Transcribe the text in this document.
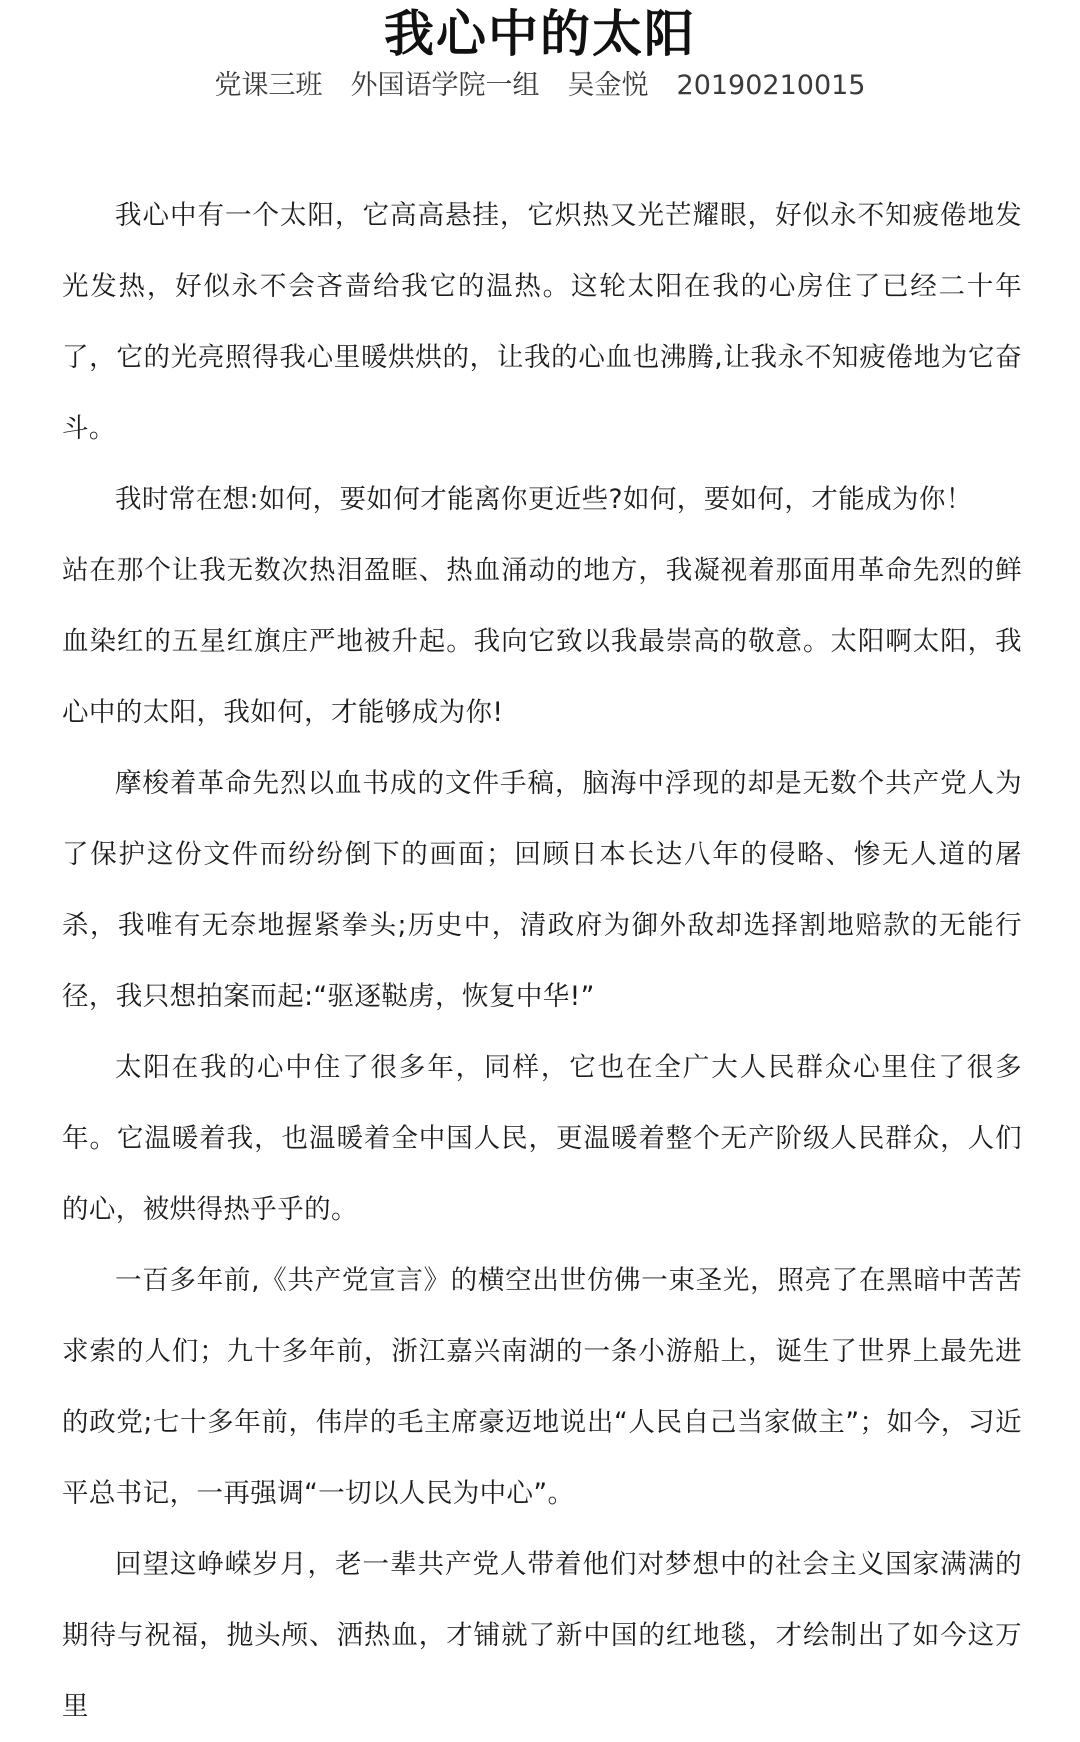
我心中的太阳
党课三班 外国语学院一组 吴金悦 20190210015

我心中有一个太阳，它高高悬挂，它炽热又光芒耀眼，好似永不知疲倦地发光发热，好似永不会吝啬给我它的温热。这轮太阳在我的心房住了已经二十年了，它的光亮照得我心里暖烘烘的，让我的心血也沸腾,让我永不知疲倦地为它奋斗。

我时常在想:如何，要如何才能离你更近些?如何，要如何，才能成为你！

站在那个让我无数次热泪盈眶、热血涌动的地方，我凝视着那面用革命先烈的鲜血染红的五星红旗庄严地被升起。我向它致以我最崇高的敬意。太阳啊太阳，我心中的太阳，我如何，才能够成为你!

摩梭着革命先烈以血书成的文件手稿，脑海中浮现的却是无数个共产党人为了保护这份文件而纷纷倒下的画面；回顾日本长达八年的侵略、惨无人道的屠杀，我唯有无奈地握紧拳头;历史中，清政府为御外敌却选择割地赔款的无能行径，我只想拍案而起:“驱逐鞑虏，恢复中华!”

太阳在我的心中住了很多年，同样，它也在全广大人民群众心里住了很多年。它温暖着我，也温暖着全中国人民，更温暖着整个无产阶级人民群众，人们的心，被烘得热乎乎的。

一百多年前,《共产党宣言》的横空出世仿佛一束圣光，照亮了在黑暗中苦苦求索的人们；九十多年前，浙江嘉兴南湖的一条小游船上，诞生了世界上最先进的政党;七十多年前，伟岸的毛主席豪迈地说出“人民自己当家做主”；如今，习近平总书记，一再强调“一切以人民为中心”。

回望这峥嵘岁月，老一辈共产党人带着他们对梦想中的社会主义国家满满的期待与祝福，抛头颅、洒热血，才铺就了新中国的红地毯，才绘制出了如今这万里
